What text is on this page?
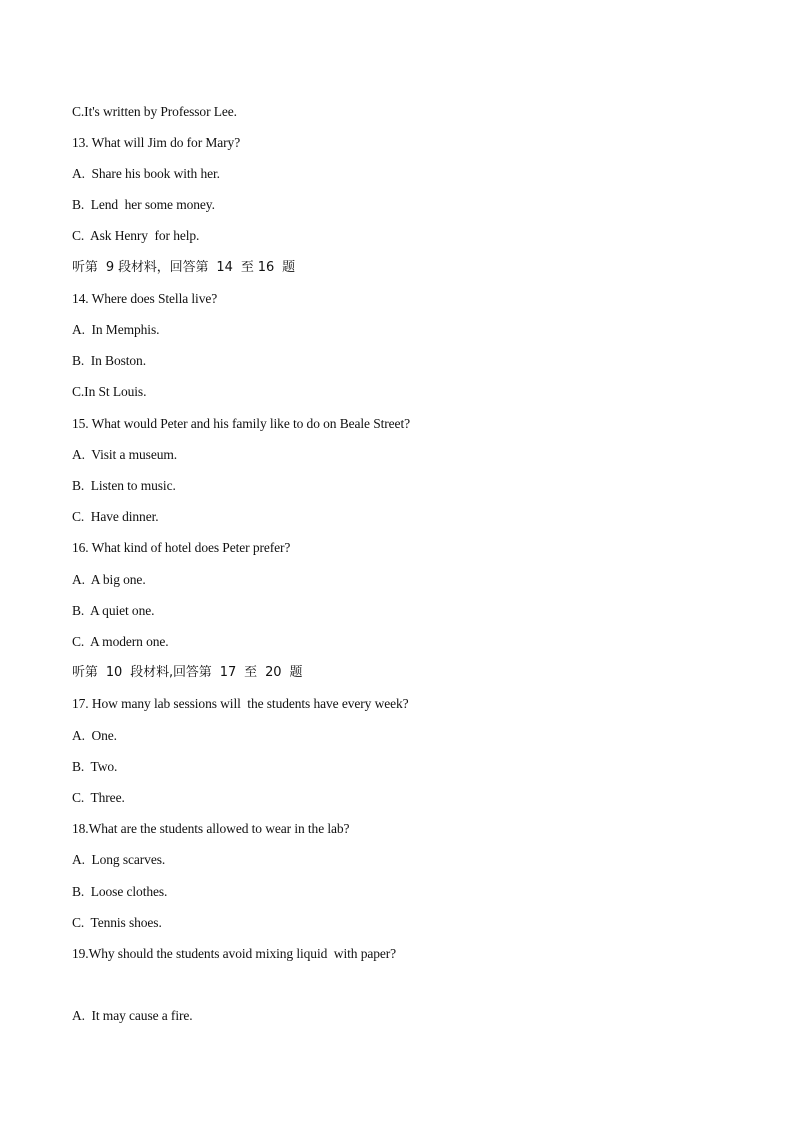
C.It's written by Professor Lee.
13. What will Jim do for Mary?
A.  Share his book with her.
B.  Lend  her some money.
C.  Ask Henry  for help.
听第  9 段材料，回答第  14  至 16  题
14. Where does Stella live?
A.  In Memphis.
B.  In Boston.
C.In St Louis.
15. What would Peter and his family like to do on Beale Street?
A.  Visit a museum.
B.  Listen to music.
C.  Have dinner.
16. What kind of hotel does Peter prefer?
A.  A big one.
B.  A quiet one.
C.  A modern one.
听第  10  段材料,回答第  17  至  20  题
17. How many lab sessions will  the students have every week?
A.  One.
B.  Two.
C.  Three.
18.What are the students allowed to wear in the lab?
A.  Long scarves.
B.  Loose clothes.
C.  Tennis shoes.
19.Why should the students avoid mixing liquid  with paper?
A.  It may cause a fire.
